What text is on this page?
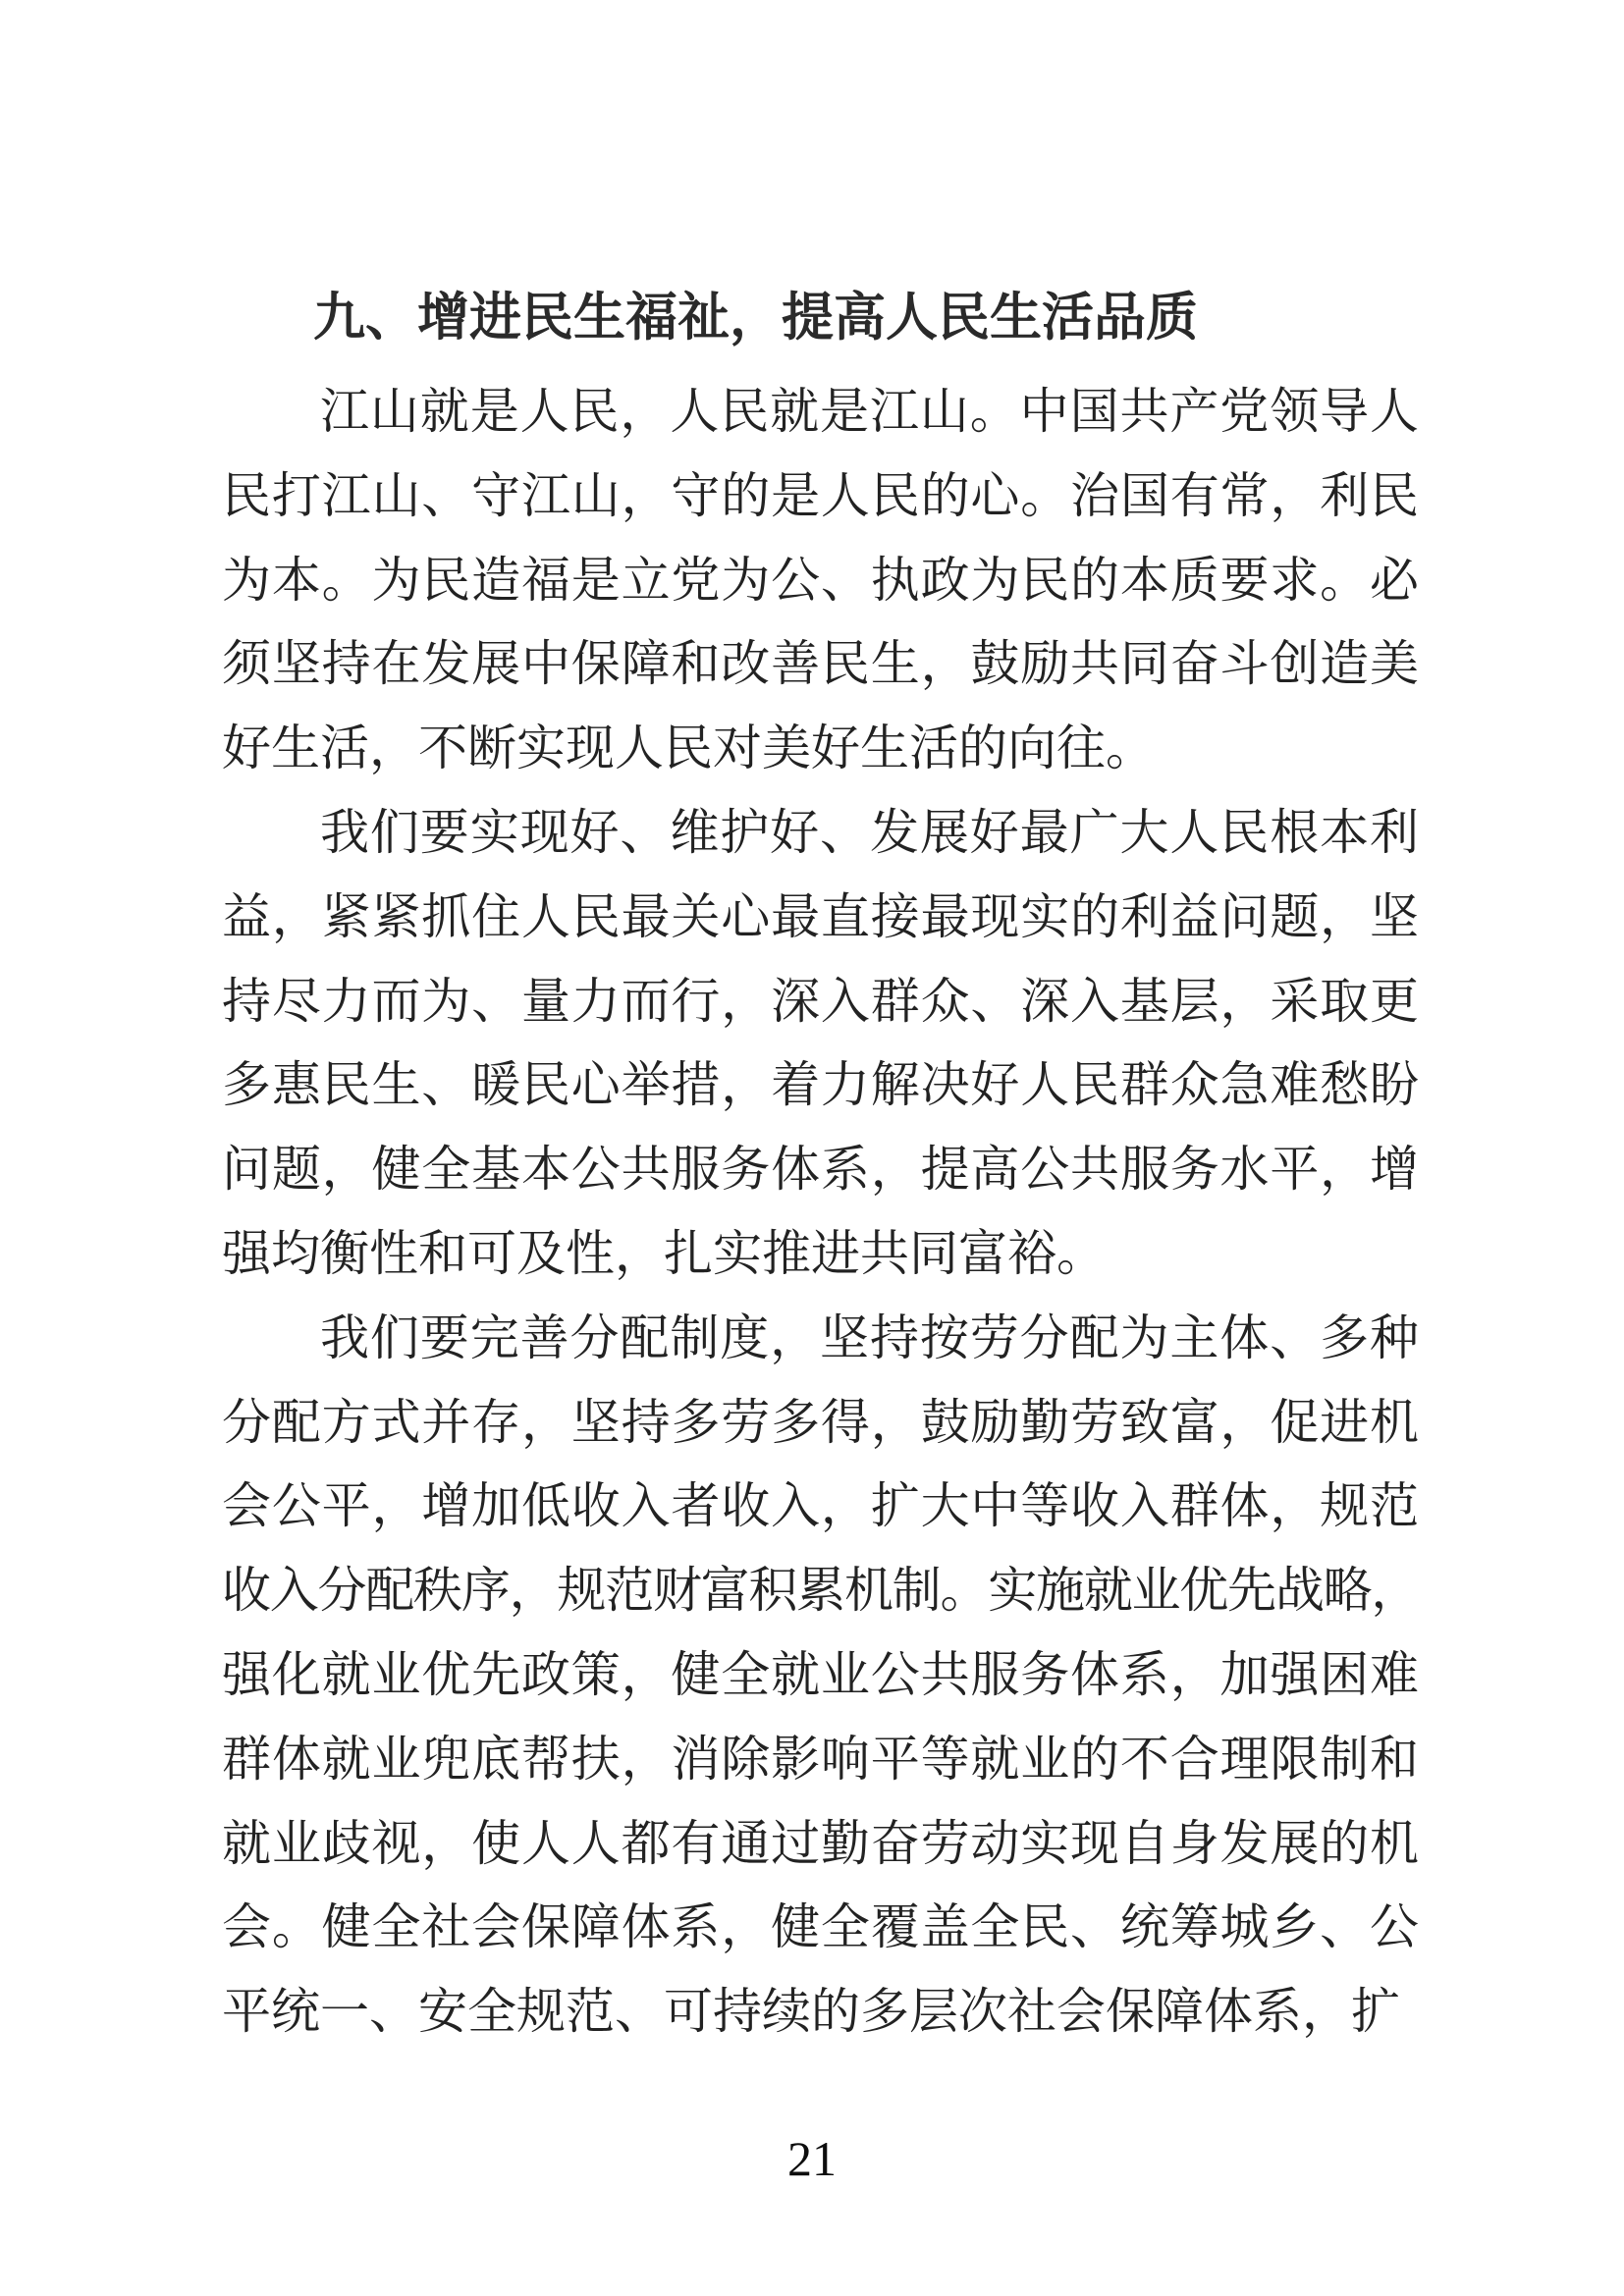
九、增进民生福祉，提高人民生活品质
江山就是人民，人民就是江山。中国共产党领导人
民打江山、守江山，守的是人民的心。治国有常，利民
为本。为民造福是立党为公、执政为民的本质要求。必
须坚持在发展中保障和改善民生，鼓励共同奋斗创造美
好生活，不断实现人民对美好生活的向往。
我们要实现好、维护好、发展好最广大人民根本利
益，紧紧抓住人民最关心最直接最现实的利益问题，坚
持尽力而为、量力而行，深入群众、深入基层，采取更
多惠民生、暖民心举措，着力解决好人民群众急难愁盼
问题，健全基本公共服务体系，提高公共服务水平，增
强均衡性和可及性，扎实推进共同富裕。
我们要完善分配制度，坚持按劳分配为主体、多种
分配方式并存，坚持多劳多得，鼓励勤劳致富，促进机
会公平，增加低收入者收入，扩大中等收入群体，规范
收入分配秩序，规范财富积累机制。实施就业优先战略，
强化就业优先政策，健全就业公共服务体系，加强困难
群体就业兜底帮扶，消除影响平等就业的不合理限制和
就业歧视，使人人都有通过勤奋劳动实现自身发展的机
会。健全社会保障体系，健全覆盖全民、统筹城乡、公
平统一、安全规范、可持续的多层次社会保障体系，扩
21
